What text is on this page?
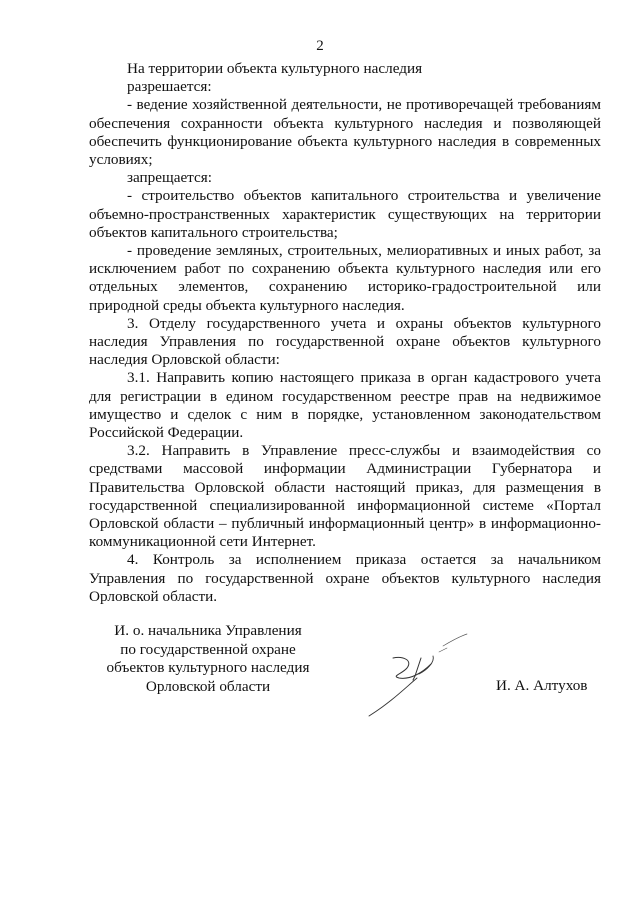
2

На территории объекта культурного наследия

разрешается:

- ведение хозяйственной деятельности, не противоречащей требованиям обеспечения сохранности объекта культурного наследия и позволяющей обеспечить функционирование объекта культурного наследия в современных условиях;

запрещается:

- строительство объектов капитального строительства и увеличение объемно-пространственных характеристик существующих на территории объектов капитального строительства;

- проведение земляных, строительных, мелиоративных и иных работ, за исключением работ по сохранению объекта культурного наследия или его отдельных элементов, сохранению историко-градостроительной или природной среды объекта культурного наследия.

3. Отделу государственного учета и охраны объектов культурного наследия Управления по государственной охране объектов культурного наследия Орловской области:

3.1. Направить копию настоящего приказа в орган кадастрового учета для регистрации в едином государственном реестре прав на недвижимое имущество и сделок с ним в порядке, установленном законодательством Российской Федерации.

3.2. Направить в Управление пресс-службы и взаимодействия со средствами массовой информации Администрации Губернатора и Правительства Орловской области настоящий приказ, для размещения в государственной специализированной информационной системе «Портал Орловской области – публичный информационный центр» в информационно-коммуникационной сети Интернет.

4. Контроль за исполнением приказа остается за начальником Управления по государственной охране объектов культурного наследия Орловской области.

И. о. начальника Управления
по государственной охране
объектов культурного наследия
Орловской области	И. А. Алтухов
